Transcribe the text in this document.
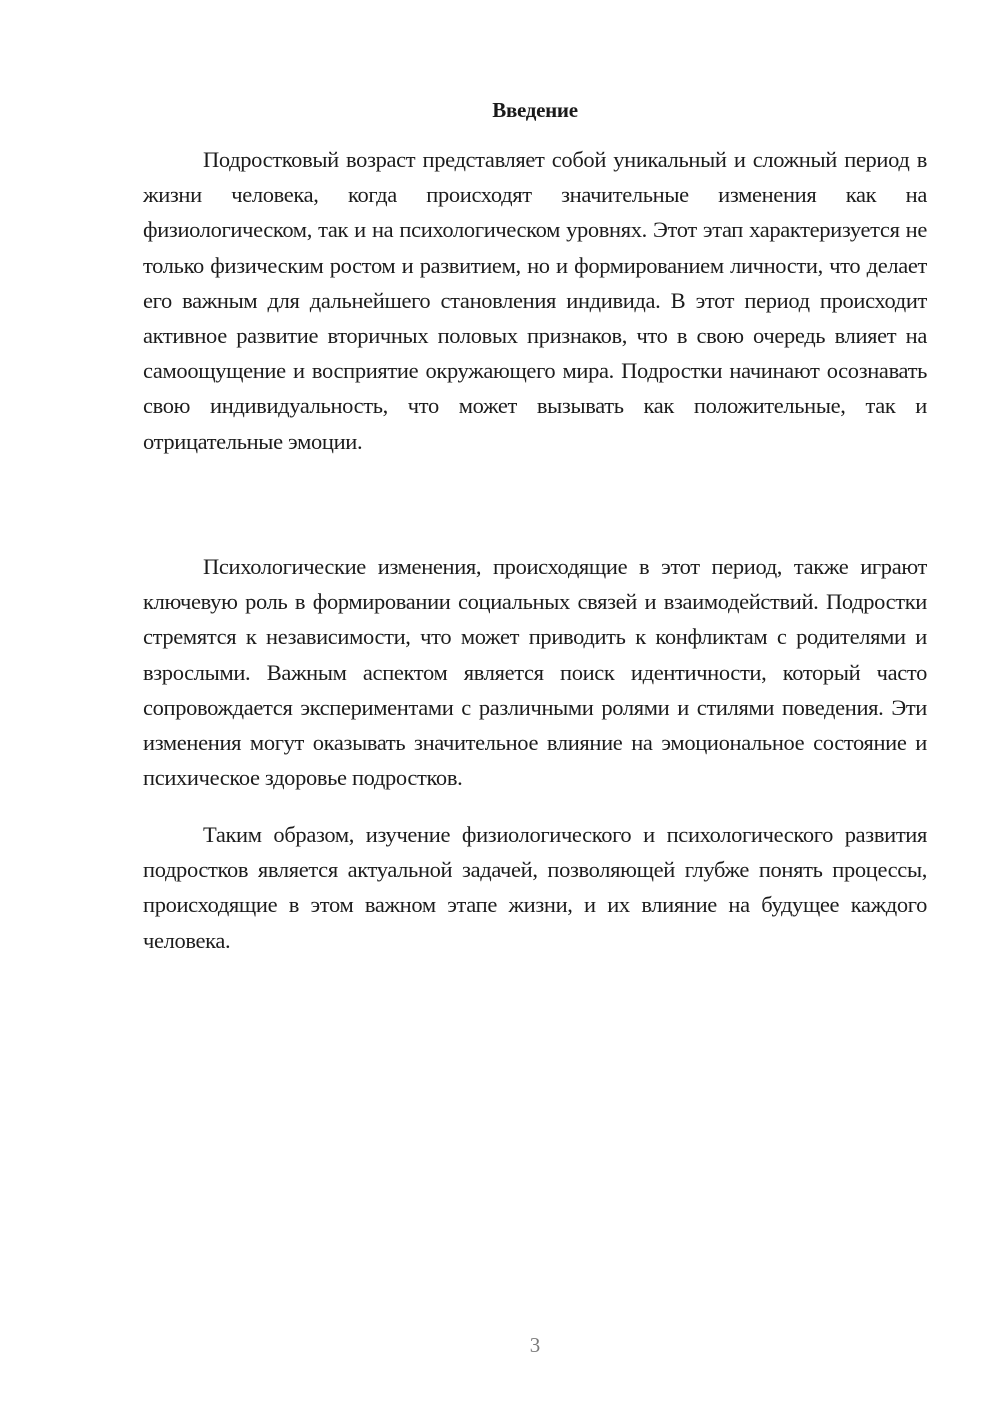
Введение

Подростковый возраст представляет собой уникальный и сложный период в жизни человека, когда происходят значительные изменения как на физиологическом, так и на психологическом уровнях. Этот этап характеризуется не только физическим ростом и развитием, но и формированием личности, что делает его важным для дальнейшего становления индивида. В этот период происходит активное развитие вторичных половых признаков, что в свою очередь влияет на самоощущение и восприятие окружающего мира. Подростки начинают осознавать свою индивидуальность, что может вызывать как положительные, так и отрицательные эмоции.

Психологические изменения, происходящие в этот период, также играют ключевую роль в формировании социальных связей и взаимодействий. Подростки стремятся к независимости, что может приводить к конфликтам с родителями и взрослыми. Важным аспектом является поиск идентичности, который часто сопровождается экспериментами с различными ролями и стилями поведения. Эти изменения могут оказывать значительное влияние на эмоциональное состояние и психическое здоровье подростков.

Таким образом, изучение физиологического и психологического развития подростков является актуальной задачей, позволяющей глубже понять процессы, происходящие в этом важном этапе жизни, и их влияние на будущее каждого человека.

3
